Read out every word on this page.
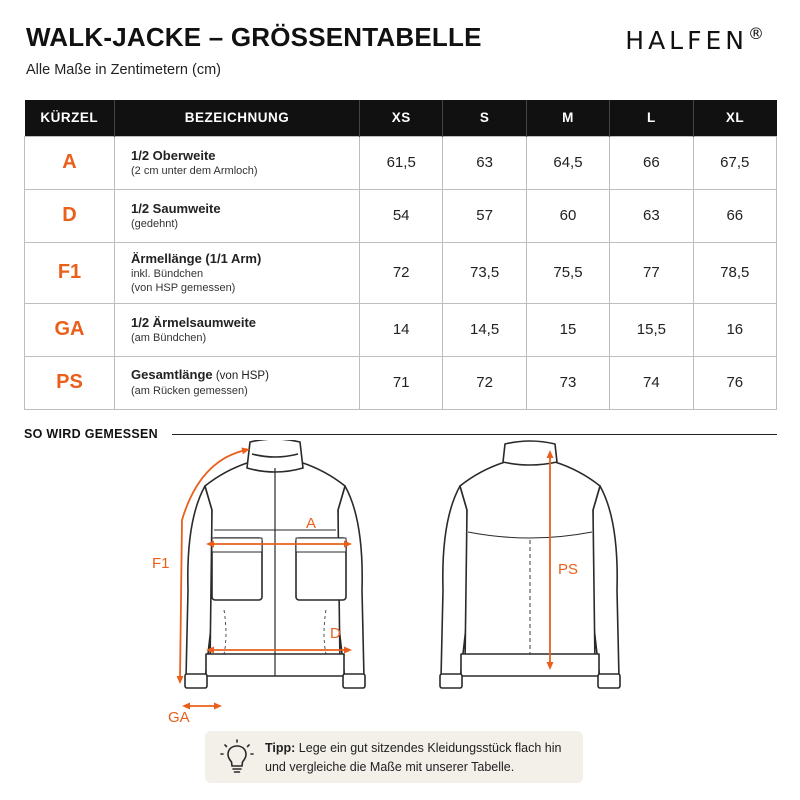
WALK-JACKE – GRÖSSENTABELLE
Alle Maße in Zentimetern (cm)
HALFEN®
KÜRZEL	BEZEICHNUNG	XS	S	M	L	XL
A	1/2 Oberweite
(2 cm unter dem Armloch)	61,5	63	64,5	66	67,5
D	1/2 Saumweite
(gedehnt)	54	57	60	63	66
F1	Ärmellänge (1/1 Arm)
inkl. Bündchen
(von HSP gemessen)	72	73,5	75,5	77	78,5
GA	1/2 Ärmelsaumweite
(am Bündchen)	14	14,5	15	15,5	16
PS	Gesamtlänge (von HSP)
(am Rücken gemessen)	71	72	73	74	76
SO WIRD GEMESSEN
F1
A
D
GA
PS
Tipp: Lege ein gut sitzendes Kleidungsstück flach hin
und vergleiche die Maße mit unserer Tabelle.
